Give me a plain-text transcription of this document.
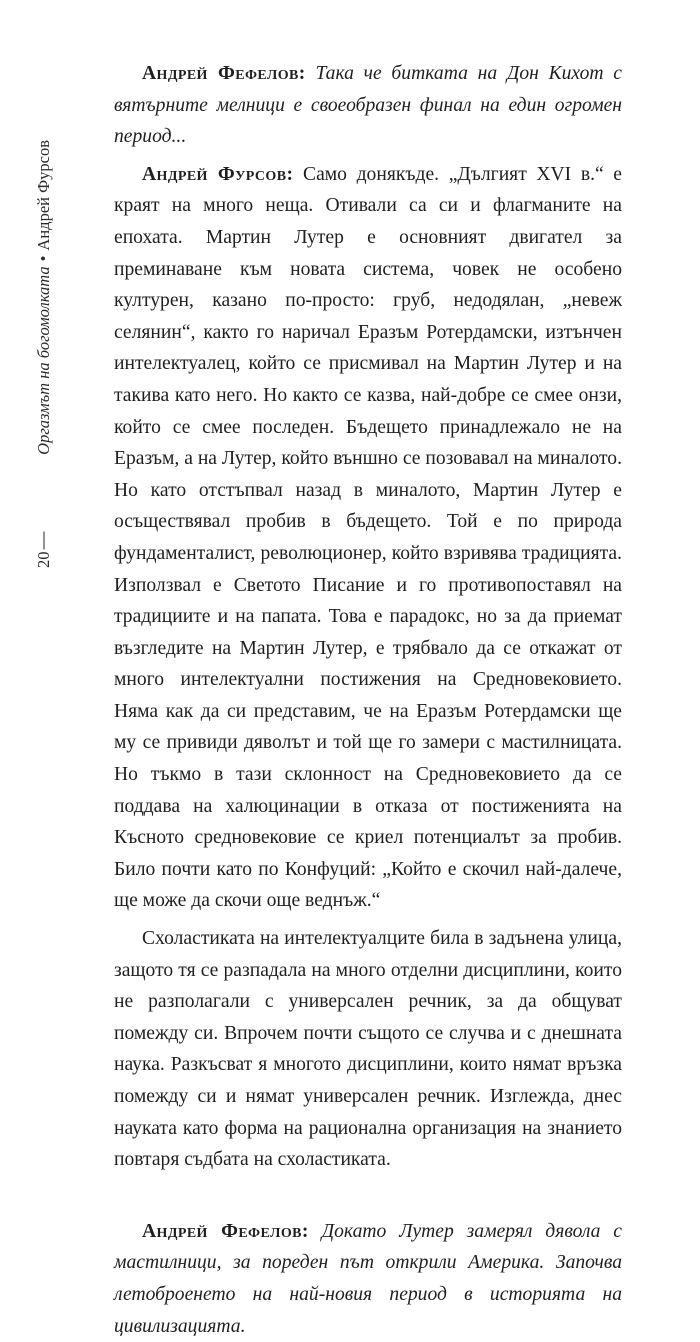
Оргазмът на богомолката•Андрей Фурсов
20

Андрей Фефелов: Така че битката на Дон Кихот с вятърните мелници е своеобразен финал на един огромен период...

Андрей Фурсов: Само донякъде. „Дългият XVI в.“ е краят на много неща. Отивали са си и флагманите на епохата. Мартин Лутер е основният двигател за преминаване към новата система, човек не особено културен, казано по-просто: груб, недодялан, „невеж селянин“, както го наричал Еразъм Ротердамски, изтънчен интелектуалец, който се присмивал на Мартин Лутер и на такива като него. Но както се казва, най-добре се смее онзи, който се смее последен. Бъдещето принадлежало не на Еразъм, а на Лутер, който външно се позовавал на миналото. Но като отстъпвал назад в миналото, Мартин Лутер е осъществявал пробив в бъдещето. Той е по природа фундаменталист, революционер, който взривява традицията. Използвал е Светото Писание и го противопоставял на традициите и на папата. Това е парадокс, но за да приемат възгледите на Мартин Лутер, е трябвало да се откажат от много интелектуални постижения на Средновековието. Няма как да си представим, че на Еразъм Ротердамски ще му се привиди дяволът и той ще го замери с мастилницата. Но тъкмо в тази склонност на Средновековието да се поддава на халюцинации в отказа от постиженията на Късното средновековие се криел потенциалът за пробив. Било почти като по Конфуций: „Който е скочил най-далече, ще може да скочи още веднъж.“

Схоластиката на интелектуалците била в задънена улица, защото тя се разпадала на много отделни дисциплини, които не разполагали с универсален речник, за да общуват помежду си. Впрочем почти същото се случва и с днешната наука. Разкъсват я многото дисциплини, които нямат връзка помежду си и нямат универсален речник. Изглежда, днес науката като форма на рационална организация на знанието повтаря съдбата на схоластиката.

Андрей Фефелов: Докато Лутер замерял дявола с мастилници, за пореден път открили Америка. Започва летоброенето на най-новия период в историята на цивилизацията.
